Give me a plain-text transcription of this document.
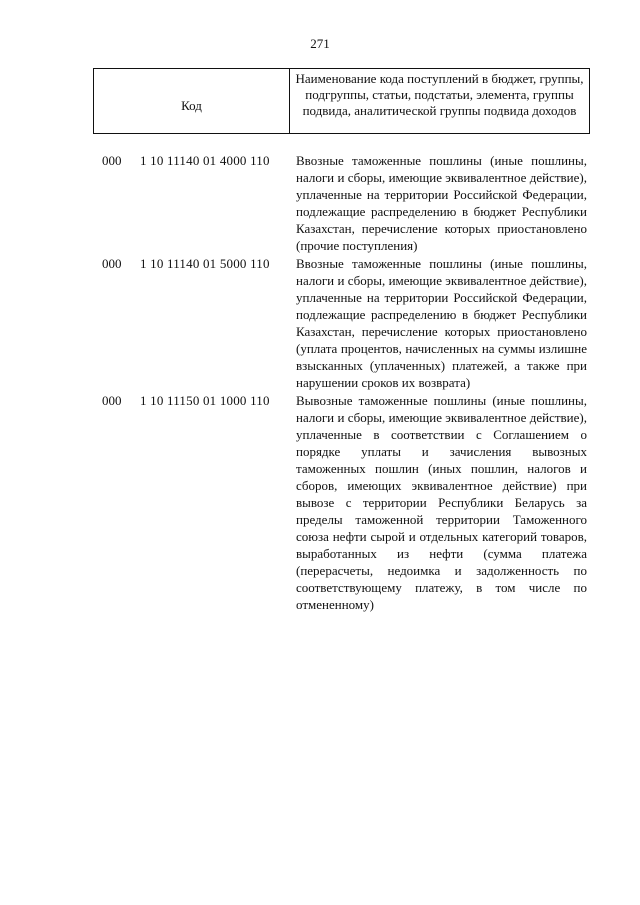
271
Код
Наименование кода поступлений в бюджет, группы, подгруппы, статьи, подстатьи, элемента, группы подвида, аналитической группы подвида доходов
000 1 10 11140 01 4000 110 Ввозные таможенные пошлины (иные пошлины, налоги и сборы, имеющие эквивалентное действие), уплаченные на территории Российской Федерации, подлежащие распределению в бюджет Республики Казахстан, перечисление которых приостановлено (прочие поступления)
000 1 10 11140 01 5000 110 Ввозные таможенные пошлины (иные пошлины, налоги и сборы, имеющие эквивалентное действие), уплаченные на территории Российской Федерации, подлежащие распределению в бюджет Республики Казахстан, перечисление которых приостановлено (уплата процентов, начисленных на суммы излишне взысканных (уплаченных) платежей, а также при нарушении сроков их возврата)
000 1 10 11150 01 1000 110 Вывозные таможенные пошлины (иные пошлины, налоги и сборы, имеющие эквивалентное действие), уплаченные в соответствии с Соглашением о порядке уплаты и зачисления вывозных таможенных пошлин (иных пошлин, налогов и сборов, имеющих эквивалентное действие) при вывозе с территории Республики Беларусь за пределы таможенной территории Таможенного союза нефти сырой и отдельных категорий товаров, выработанных из нефти (сумма платежа (перерасчеты, недоимка и задолженность по соответствующему платежу, в том числе по отмененному)
